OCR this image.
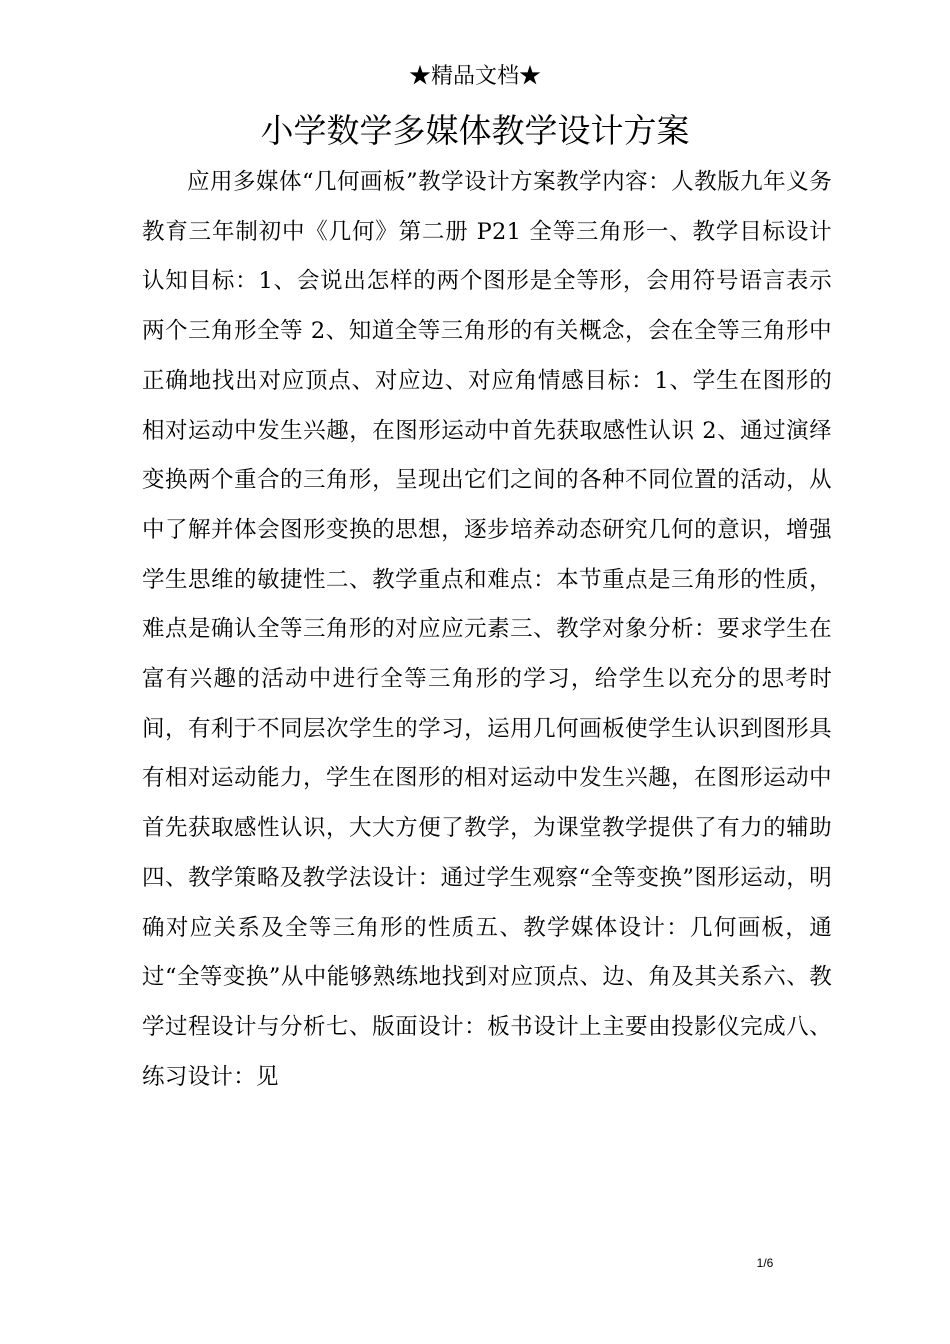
★精品文档★
小学数学多媒体教学设计方案

应用多媒体“几何画板”教学设计方案教学内容：人教版九年义务教育三年制初中《几何》第二册 P21 全等三角形一、教学目标设计认知目标：1、会说出怎样的两个图形是全等形，会用符号语言表示两个三角形全等 2、知道全等三角形的有关概念，会在全等三角形中正确地找出对应顶点、对应边、对应角情感目标：1、学生在图形的相对运动中发生兴趣，在图形运动中首先获取感性认识 2、通过演绎变换两个重合的三角形，呈现出它们之间的各种不同位置的活动，从中了解并体会图形变换的思想，逐步培养动态研究几何的意识，增强学生思维的敏捷性二、教学重点和难点：本节重点是三角形的性质，难点是确认全等三角形的对应应元素三、教学对象分析：要求学生在富有兴趣的活动中进行全等三角形的学习，给学生以充分的思考时间，有利于不同层次学生的学习，运用几何画板使学生认识到图形具有相对运动能力，学生在图形的相对运动中发生兴趣，在图形运动中首先获取感性认识，大大方便了教学，为课堂教学提供了有力的辅助四、教学策略及教学法设计：通过学生观察“全等变换”图形运动，明确对应关系及全等三角形的性质五、教学媒体设计：几何画板，通过“全等变换”从中能够熟练地找到对应顶点、边、角及其关系六、教学过程设计与分析七、版面设计：板书设计上主要由投影仪完成八、练习设计：见

1/6
